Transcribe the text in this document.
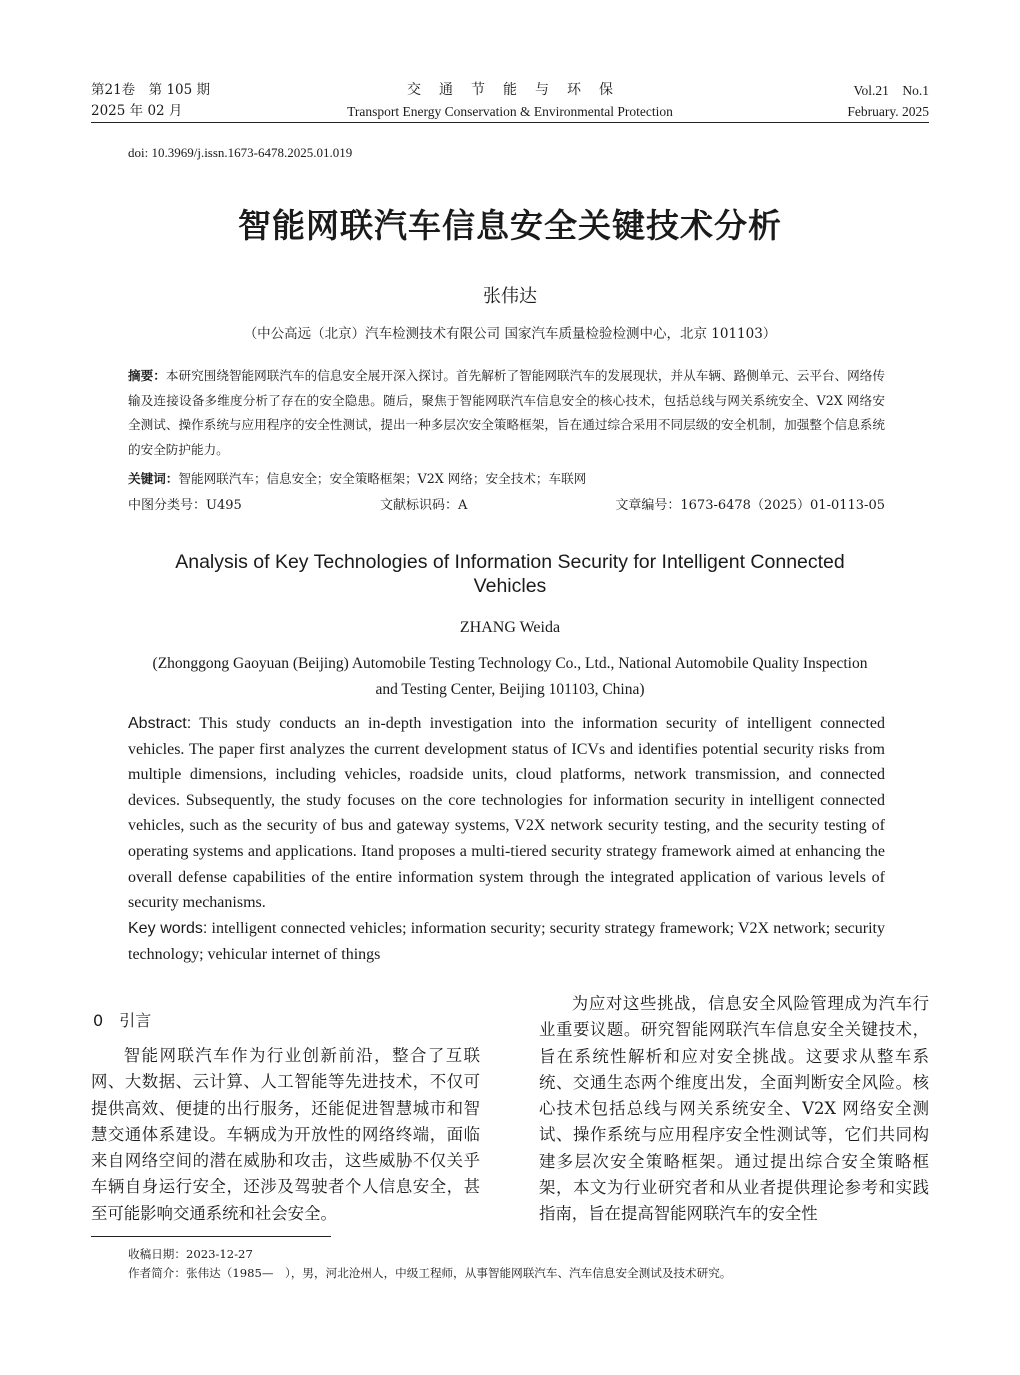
第21卷　第 105 期
2025 年 02 月
交通节能与环保
Transport Energy Conservation & Environmental Protection
Vol.21　No.1
February. 2025
doi: 10.3969/j.issn.1673-6478.2025.01.019
智能网联汽车信息安全关键技术分析
张伟达
（中公高远（北京）汽车检测技术有限公司 国家汽车质量检验检测中心，北京 101103）
摘要：本研究围绕智能网联汽车的信息安全展开深入探讨。首先解析了智能网联汽车的发展现状，并从车辆、路侧单元、云平台、网络传输及连接设备多维度分析了存在的安全隐患。随后，聚焦于智能网联汽车信息安全的核心技术，包括总线与网关系统安全、V2X 网络安全测试、操作系统与应用程序的安全性测试，提出一种多层次安全策略框架，旨在通过综合采用不同层级的安全机制，加强整个信息系统的安全防护能力。
关键词：智能网联汽车；信息安全；安全策略框架；V2X 网络；安全技术；车联网
中图分类号：U495	文献标识码：A	文章编号：1673-6478（2025）01-0113-05
Analysis of Key Technologies of Information Security for Intelligent Connected Vehicles
ZHANG Weida
(Zhonggong Gaoyuan (Beijing) Automobile Testing Technology Co., Ltd., National Automobile Quality Inspection and Testing Center, Beijing 101103, China)
Abstract: This study conducts an in-depth investigation into the information security of intelligent connected vehicles. The paper first analyzes the current development status of ICVs and identifies potential security risks from multiple dimensions, including vehicles, roadside units, cloud platforms, network transmission, and connected devices. Subsequently, the study focuses on the core technologies for information security in intelligent connected vehicles, such as the security of bus and gateway systems, V2X network security testing, and the security testing of operating systems and applications. Itand proposes a multi-tiered security strategy framework aimed at enhancing the overall defense capabilities of the entire information system through the integrated application of various levels of security mechanisms.
Key words: intelligent connected vehicles; information security; security strategy framework; V2X network; security technology; vehicular internet of things
0 引言
智能网联汽车作为行业创新前沿，整合了互联网、大数据、云计算、人工智能等先进技术，不仅可提供高效、便捷的出行服务，还能促进智慧城市和智慧交通体系建设。车辆成为开放性的网络终端，面临来自网络空间的潜在威胁和攻击，这些威胁不仅关乎车辆自身运行安全，还涉及驾驶者个人信息安全，甚至可能影响交通系统和社会安全。
为应对这些挑战，信息安全风险管理成为汽车行业重要议题。研究智能网联汽车信息安全关键技术，旨在系统性解析和应对安全挑战。这要求从整车系统、交通生态两个维度出发，全面判断安全风险。核心技术包括总线与网关系统安全、V2X 网络安全测试、操作系统与应用程序安全性测试等，它们共同构建多层次安全策略框架。通过提出综合安全策略框架，本文为行业研究者和从业者提供理论参考和实践指南，旨在提高智能网联汽车的安全性
收稿日期：2023-12-27
作者简介：张伟达（1985—　），男，河北沧州人，中级工程师，从事智能网联汽车、汽车信息安全测试及技术研究。
